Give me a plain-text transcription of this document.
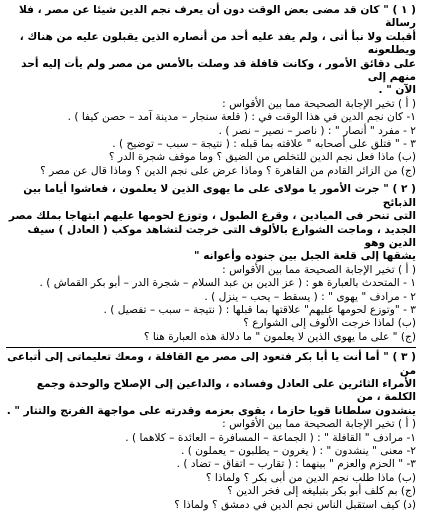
( ١ ) " كان قد مضى بعض الوقت دون أن يعرف نجم الدين شيئا عن مصر ، فلا رسالة

أقبلت ولا نبأ أتى ، ولم يفد عليه أحد من أنصاره الذين يقبلون عليه من هناك ، ويطلعونه

على دقائق الأمور ، وكانت قافلة قد وصلت بالأمس من مصر ولم يأت إليه أحد منهم إلى

الآن " .

( أ ) تخير الإجابة الصحيحة مما بين الأقواس :

١- كان نجم الدين في هذا الوقت في : ( قلعة سنجار – مدينة آمد – حصن كيفا ) .

٢ - مفرد " أنصار " : ( ناصر – نصير – نصر ) .

٣ - " فتلق على أصحابه " علاقته بما قبله : ( نتيجة – سبب – توضيح ) .

(ب) ماذا فعل نجم الدين للتخلص من الضيق ؟ وما موقف شجرة الدر ؟

(ج) من الزائر القادم من القاهرة ؟ وماذا عرض على نجم الدين ؟ وماذا قال عن مصر ؟

( ٢ ) " جرت الأمور يا مولاى على ما يهوى الذين لا يعلمون ، فعاشوا أياما بين الذبائح

التى تنحر فى الميادين ، وقرع الطبول ، وتوزع لحومها عليهم ابتهاجا بملك مصر

الجديد ، وماجت الشوارع بالألوف التى خرجت لتشاهد موكب ( العادل ) سيف الدين وهو

يشقها إلى قلعة الجبل بين جنوده وأعوانه "

( أ ) تخير الإجابة الصحيحة مما بين الأقواس :

١ - المتحدث بالعبارة هو : ( عز الدين بن عبد السلام – شجرة الدر – أبو بكر القماش ) .

٢ - مرادف " يهوى " : ( يسقط – يحب – ينزل ) .

٣ - "وتوزع لحومها عليهم" علاقتها بما قبلها : ( نتيجة – سبب – تفصيل ) .

(ب) لماذا خرجت الألوف إلى الشوارع ؟

(ج) " على ما يهوى الذين لا يعلمون " ما دلالة هذه العبارة هنا ؟

( ٣ ) " أما أنت يا أبا بكر فتعود إلى مصر مع القافلة ، ومعك تعليماتى إلى أتباعى من

الأمراء الثائرين على العادل وفساده ، والداعين إلى الإصلاح والوحدة وجمع الكلمة ، من

ينشدون سلطانا قويا حازما ، يقوى بعزمه وقدرته على مواجهة الفرنج والتتار " .

( أ ) تخير الإجابة الصحيحة مما بين الأقواس :

١- مرادف " القافلة " : ( الجماعة – المسافرة – العائدة – كلاهما ) .

٢- معنى " ينشدون " : ( يغرون – يطلبون – يعملون ) .

٣- " الحزم والعزم " بينهما : ( تقارب – اتفاق – تضاد ) .

(ب) ماذا طلب نجم الدين من أبى بكر ؟ ولماذا ؟

(ج) بم كلف أبو بكر بتبليغه إلى فخر الدين ؟

(د) كيف استقبل الناس نجم الدين في دمشق ؟ ولماذا ؟
